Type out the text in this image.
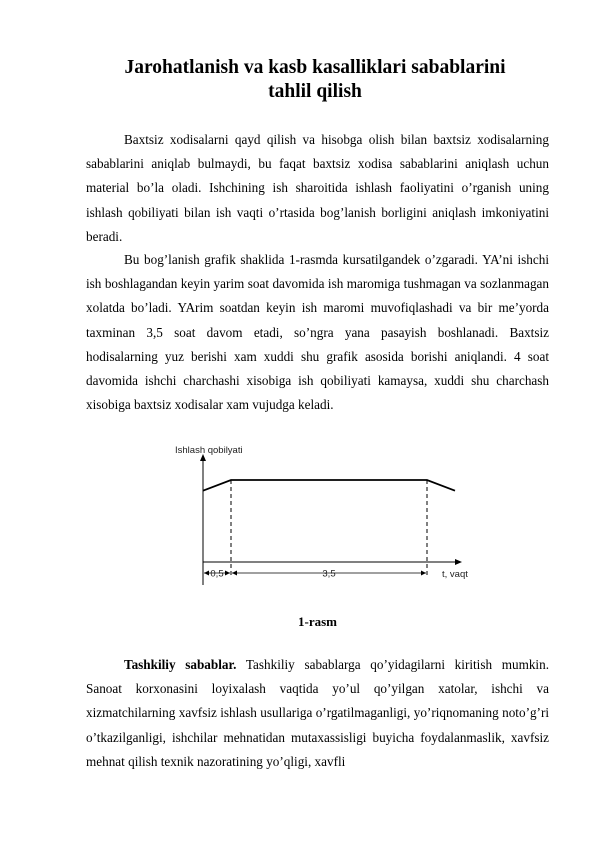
Jarohatlanish va kasb kasalliklari sabablarini
tahlil qilish
Baxtsiz xodisalarni qayd qilish va hisobga olish bilan baxtsiz xodisalarning sabablarini aniqlab bulmaydi, bu faqat baxtsiz xodisa sabablarini aniqlash uchun material bo’la oladi. Ishchining ish sharoitida ishlash faoliyatini o’rganish uning ishlash qobiliyati bilan ish vaqti o’rtasida bog’lanish borligini aniqlash imkoniyatini beradi.
Bu bog’lanish grafik shaklida 1-rasmda kursatilgandek o’zgaradi. YA’ni ishchi ish boshlagandan keyin yarim soat davomida ish maromiga tushmagan va sozlanmagan xolatda bo’ladi. YArim soatdan keyin ish maromi muvofiqlashadi va bir me’yorda taxminan 3,5 soat davom etadi, so’ngra yana pasayish boshlanadi. Baxtsiz hodisalarning yuz berishi xam xuddi shu grafik asosida borishi aniqlandi. 4 soat davomida ishchi charchashi xisobiga ish qobiliyati kamaysa, xuddi shu charchash xisobiga baxtsiz xodisalar xam vujudga keladi.
Ishlash qobilyati
t, vaqt
0,5	3,5
1-rasm
Tashkiliy sabablar. Tashkiliy sabablarga qo’yidagilarni kiritish mumkin. Sanoat korxonasini loyixalash vaqtida yo’ul qo’yilgan xatolar, ishchi va xizmatchilarning xavfsiz ishlash usullariga o’rgatilmaganligi, yo’riqnomaning noto’g’ri o’tkazilganligi, ishchilar mehnatidan mutaxassisligi buyicha foydalanmaslik, xavfsiz mehnat qilish texnik nazoratining yo’qligi, xavfli
